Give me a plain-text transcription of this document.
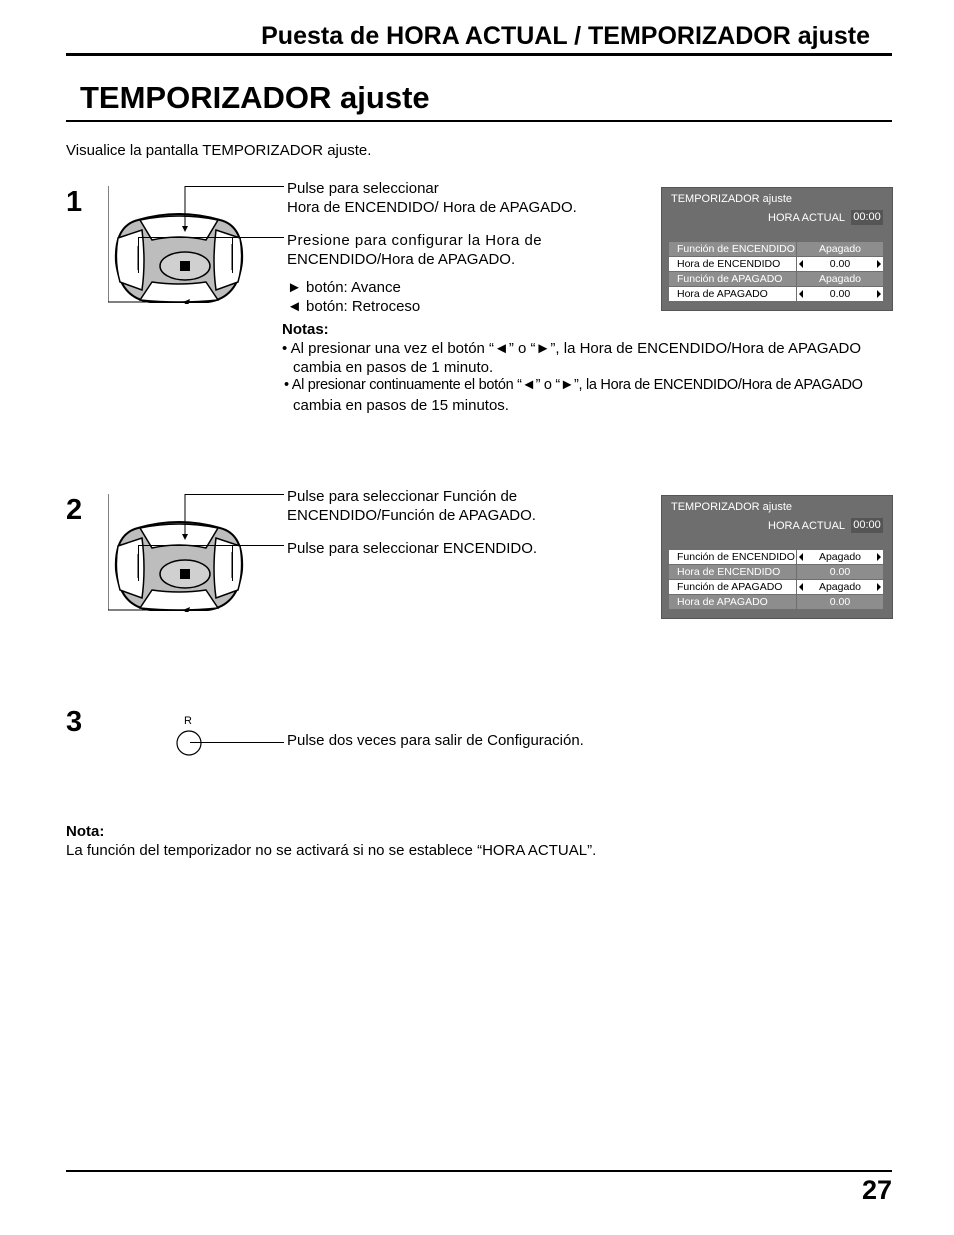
Puesta de HORA ACTUAL / TEMPORIZADOR ajuste
TEMPORIZADOR ajuste
Visualice la pantalla TEMPORIZADOR ajuste.
1	Pulse para seleccionar
Hora de ENCENDIDO/ Hora de APAGADO.
Presione para configurar la Hora de
ENCENDIDO/Hora de APAGADO.
► botón: Avance
◄ botón: Retroceso
Notas:
• Al presionar una vez el botón “◄” o “►”, la Hora de ENCENDIDO/Hora de APAGADO
cambia en pasos de 1 minuto.
• Al presionar continuamente el botón “◄” o “►”, la Hora de ENCENDIDO/Hora de APAGADO
cambia en pasos de 15 minutos.
TEMPORIZADOR ajuste
HORA ACTUAL 00:00
Función de ENCENDIDO	Apagado
Hora de ENCENDIDO	0.00
Función de APAGADO	Apagado
Hora de APAGADO	0.00
2	Pulse para seleccionar Función de
ENCENDIDO/Función de APAGADO.
Pulse para seleccionar ENCENDIDO.
TEMPORIZADOR ajuste
HORA ACTUAL 00:00
Función de ENCENDIDO	Apagado
Hora de ENCENDIDO	0.00
Función de APAGADO	Apagado
Hora de APAGADO	0.00
3	R
Pulse dos veces para salir de Configuración.
Nota:
La función del temporizador no se activará si no se establece “HORA ACTUAL”.
27
